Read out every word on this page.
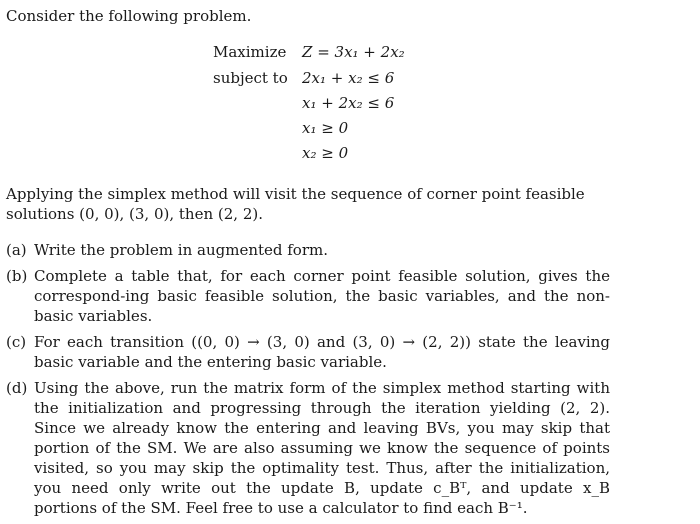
Consider the following problem.
Maximize Z = 3x₁ + 2x₂
subject to 2x₁ + x₂ ≤ 6
x₁ + 2x₂ ≤ 6
x₁ ≥ 0
x₂ ≥ 0
Applying the simplex method will visit the sequence of corner point feasible solutions (0, 0), (3, 0), then (2, 2).
(a) Write the problem in augmented form.
(b) Complete a table that, for each corner point feasible solution, gives the correspond-ing basic feasible solution, the basic variables, and the non-basic variables.
(c) For each transition ((0, 0) → (3, 0) and (3, 0) → (2, 2)) state the leaving basic variable and the entering basic variable.
(d) Using the above, run the matrix form of the simplex method starting with the initialization and progressing through the iteration yielding (2, 2). Since we already know the entering and leaving BVs, you may skip that portion of the SM. We are also assuming we know the sequence of points visited, so you may skip the optimality test. Thus, after the initialization, you need only write out the update B, update c_Bᵀ, and update x_B portions of the SM. Feel free to use a calculator to find each B⁻¹.
